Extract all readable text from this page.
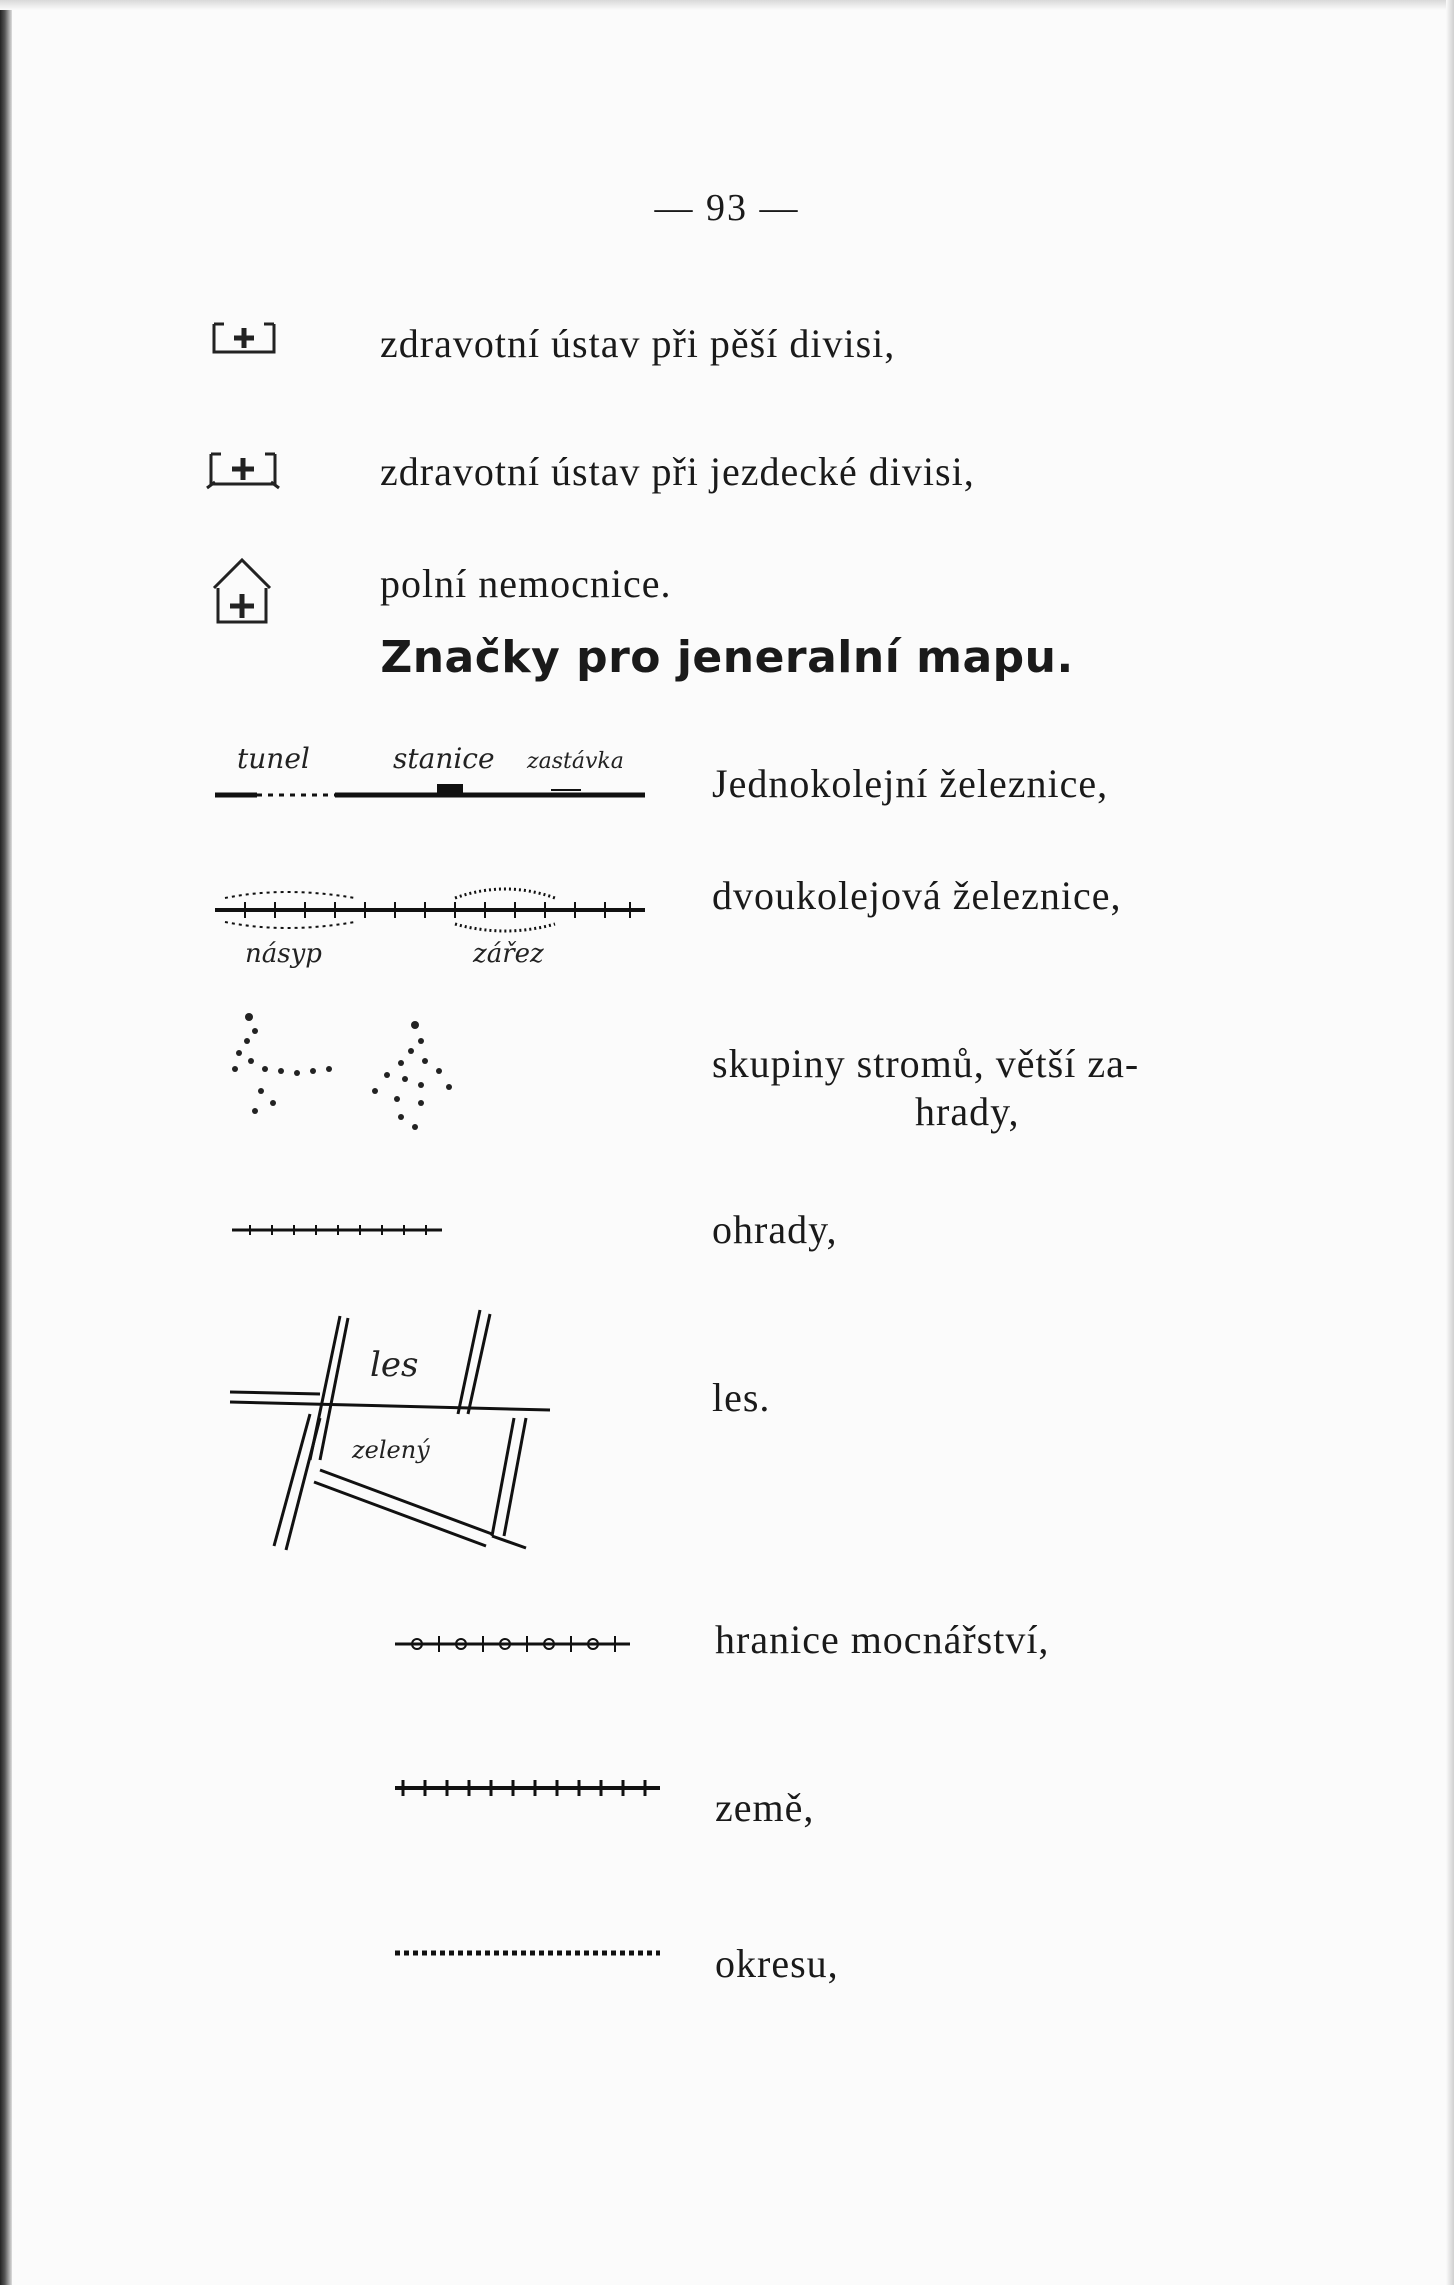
— 93 —
zdravotní ústav při pěší divisi,
zdravotní ústav při jezdecké divisi,
polní nemocnice.
Značky pro jeneralní mapu.
tunel	stanice zastávka Jednokolejní železnice,
násyp	zářez
dvoukolejová železnice,
skupiny stromů, větší za-
hrady,
ohrady,
les
zelený
les.
hranice mocnářství,
země,
okresu,
